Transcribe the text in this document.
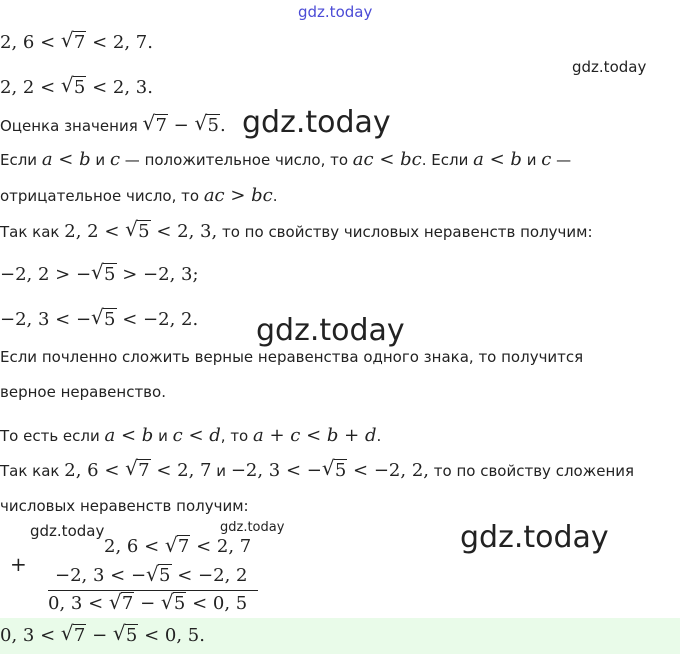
gdz.today
gdz.today
gdz.today
gdz.today
gdz.today	gdz.today	gdz.today
2, 6 < √ 7 < 2, 7.
2, 2 < √ 5 < 2, 3.
Оценка значения √ 7 − √ 5.
Если a < b и c — положительное число, то ac < bc. Если a < b и c —
отрицательное число, то ac > bc.
Так как 2, 2 < √ 5 < 2, 3, то по свойству числовых неравенств получим:
−2, 2 > − √ 5 > −2, 3;
−2, 3 < − √ 5 < −2, 2.
Если почленно сложить верные неравенства одного знака, то получится
верное неравенство.
То есть если a < b и c < d, то a + c < b + d.
Так как 2, 6 < √ 7 < 2, 7 и −2, 3 < − √ 5 < −2, 2, то по свойству сложения
числовых неравенств получим:
+
2, 6 < √ 7 < 2, 7
−2, 3 < − √ 5 < −2, 2
0, 3 < √ 7 − √ 5 < 0, 5
0, 3 < √ 7 − √ 5 < 0, 5.
